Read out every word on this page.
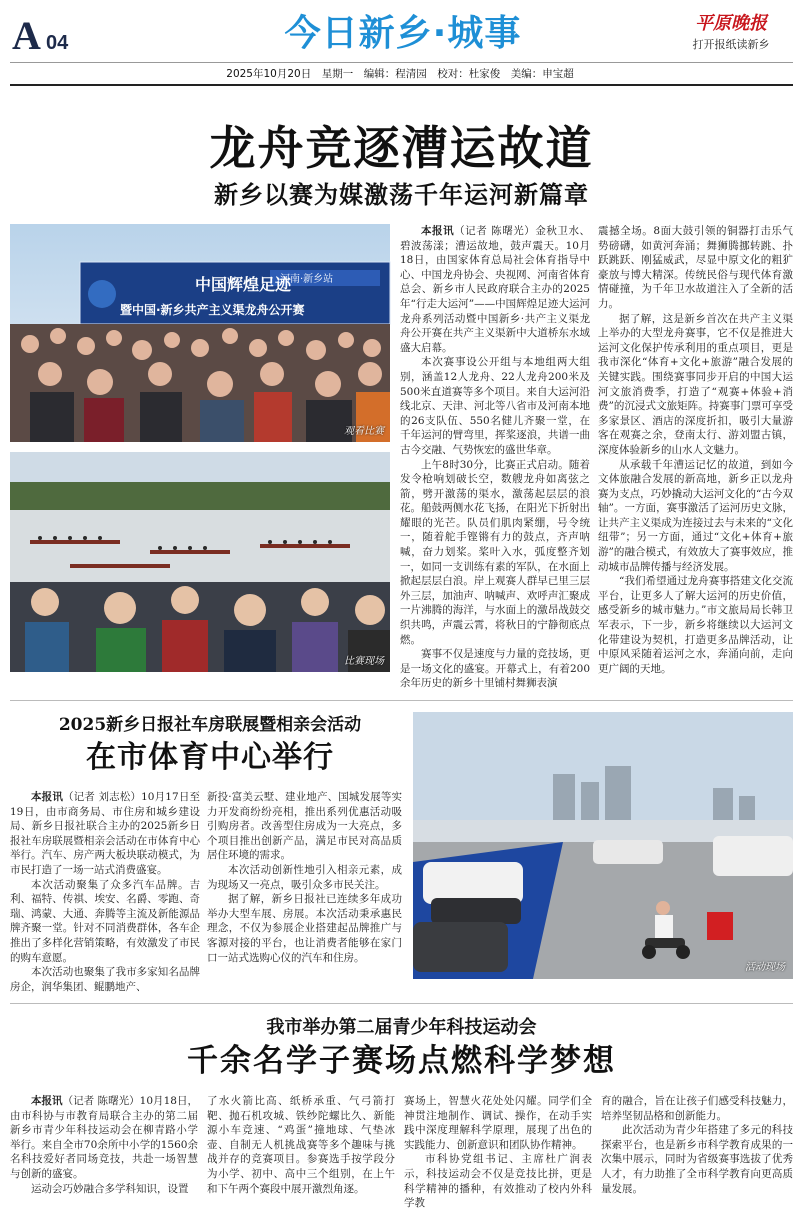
A 04	今日新乡·城事	平原晚报
打开报纸读新乡
2025年10月20日　星期一　编辑：程清园　校对：杜家俊　美编：申宝超
龙舟竞逐漕运故道
新乡以赛为媒激荡千年运河新篇章
中国辉煌足迹
暨中国·新乡共产主义渠龙舟公开赛
河南·新乡站
观看比赛
比赛现场

本报讯（记者 陈曙光）金秋卫水、碧波荡漾；漕运故地，鼓声震天。10月18日，由国家体育总局社会体育指导中心、中国龙舟协会、央视网、河南省体育总会、新乡市人民政府联合主办的2025年“行走大运河”——中国辉煌足迹大运河龙舟系列活动暨中国新乡·共产主义渠龙舟公开赛在共产主义渠新中大道桥东水域盛大启幕。

本次赛事设公开组与本地组两大组别，涵盖12人龙舟、22人龙舟200米及500米直道赛等多个项目。来自大运河沿线北京、天津、河北等八省市及河南本地的26支队伍、550名健儿齐聚一堂，在千年运河的臂弯里，挥桨逐浪，共谱一曲古今交融、气势恢宏的盛世华章。

上午8时30分，比赛正式启动。随着发令枪响划破长空，数艘龙舟如离弦之箭，劈开激荡的渠水，激荡起层层的浪花。船鼓两侧水花飞扬，在阳光下折射出耀眼的光芒。队员们肌肉紧绷，号令统一，随着舵手铿锵有力的鼓点，齐声呐喊，奋力划桨。桨叶入水，弧度整齐划一，如同一支训练有素的军队，在水面上掀起层层白浪。岸上观赛人群早已里三层外三层，加油声、呐喊声、欢呼声汇聚成一片沸腾的海洋，与水面上的激昂战鼓交织共鸣，声震云霄，将秋日的宁静彻底点燃。

赛事不仅是速度与力量的竞技场，更是一场文化的盛宴。开幕式上，有着200余年历史的新乡十里铺村舞狮表演

震撼全场。8面大鼓引领的铜器打击乐气势磅礴，如黄河奔涌；舞狮腾挪转跳、扑跃跳跃、刚猛威武，尽显中原文化的粗犷豪放与博大精深。传统民俗与现代体育激情碰撞，为千年卫水故道注入了全新的活力。

据了解，这是新乡首次在共产主义渠上举办的大型龙舟赛事，它不仅是推进大运河文化保护传承利用的重点项目，更是我市深化“体育+文化+旅游”融合发展的关键实践。围绕赛事同步开启的中国大运河文旅消费季，打造了“观赛+体验+消费”的沉浸式文旅矩阵。持赛事门票可享受多家景区、酒店的深度折扣，吸引大量游客在观赛之余，登南太行、游刘盟古镇，深度体验新乡的山水人文魅力。

从承载千年漕运记忆的故道，到如今文体旅融合发展的新高地，新乡正以龙舟赛为支点，巧妙撬动大运河文化的“古今双轴”。一方面，赛事激活了运河历史文脉，让共产主义渠成为连接过去与未来的“文化纽带”；另一方面，通过“文化+体育+旅游”的融合模式，有效放大了赛事效应，推动城市品牌传播与经济发展。

“我们希望通过龙舟赛事搭建文化交流平台，让更多人了解大运河的历史价值，感受新乡的城市魅力。”市文旅局局长韩卫军表示，下一步，新乡将继续以大运河文化带建设为契机，打造更多品牌活动，让中原风采随着运河之水，奔涌向前，走向更广阔的天地。

2025新乡日报社车房联展暨相亲会活动
在市体育中心举行

本报讯（记者 刘志松）10月17日至19日，由市商务局、市住房和城乡建设局、新乡日报社联合主办的2025新乡日报社车房联展暨相亲会活动在市体育中心举行。汽车、房产两大板块联动模式，为市民打造了一场一站式消费盛宴。

本次活动聚集了众多汽车品牌。吉利、福特、传祺、埃安、名爵、零跑、奇瑞、鸿蒙、大通、奔腾等主流及新能源品牌齐聚一堂。针对不同消费群体，各车企推出了多样化营销策略，有效激发了市民的购车意愿。

本次活动也聚集了我市多家知名品牌房企，润华集团、鲲鹏地产、

新投·富美云墅、建业地产、国城发展等实力开发商纷纷亮相，推出系列优惠活动吸引购房者。改善型住房成为一大亮点，多个项目推出创新产品，满足市民对高品质居住环境的需求。

本次活动创新性地引入相亲元素，成为现场又一亮点，吸引众多市民关注。

据了解，新乡日报社已连续多年成功举办大型车展、房展。本次活动秉承惠民理念，不仅为参展企业搭建起品牌推广与客源对接的平台，也让消费者能够在家门口一站式选购心仪的汽车和住房。

活动现场
我市举办第二届青少年科技运动会
千余名学子赛场点燃科学梦想

本报讯（记者 陈曙光）10月18日，由市科协与市教育局联合主办的第二届新乡市青少年科技运动会在柳青路小学举行。来自全市70余所中小学的1560余名科技爱好者同场竞技，共赴一场智慧与创新的盛宴。

运动会巧妙融合多学科知识，设置

了水火箭比高、纸桥承重、气弓箭打靶、抛石机攻城、铁纱陀螺比久、新能源小车竞速、“鸡蛋”撞地球、气垫冰壶、自制无人机挑战赛等多个趣味与挑战并存的竞赛项目。参赛选手按学段分为小学、初中、高中三个组别，在上午和下午两个赛段中展开激烈角逐。

赛场上，智慧火花处处闪耀。同学们全神贯注地制作、调试、操作，在动手实践中深度理解科学原理，展现了出色的实践能力、创新意识和团队协作精神。

市科协党组书记、主席杜广润表示，科技运动会不仅是竞技比拼，更是科学精神的播种，有效推动了校内外科学教

育的融合，旨在让孩子们感受科技魅力，培养坚韧品格和创新能力。

此次活动为青少年搭建了多元的科技探索平台，也是新乡市科学教育成果的一次集中展示，同时为省级赛事选拔了优秀人才，有力助推了全市科学教育向更高质量发展。
